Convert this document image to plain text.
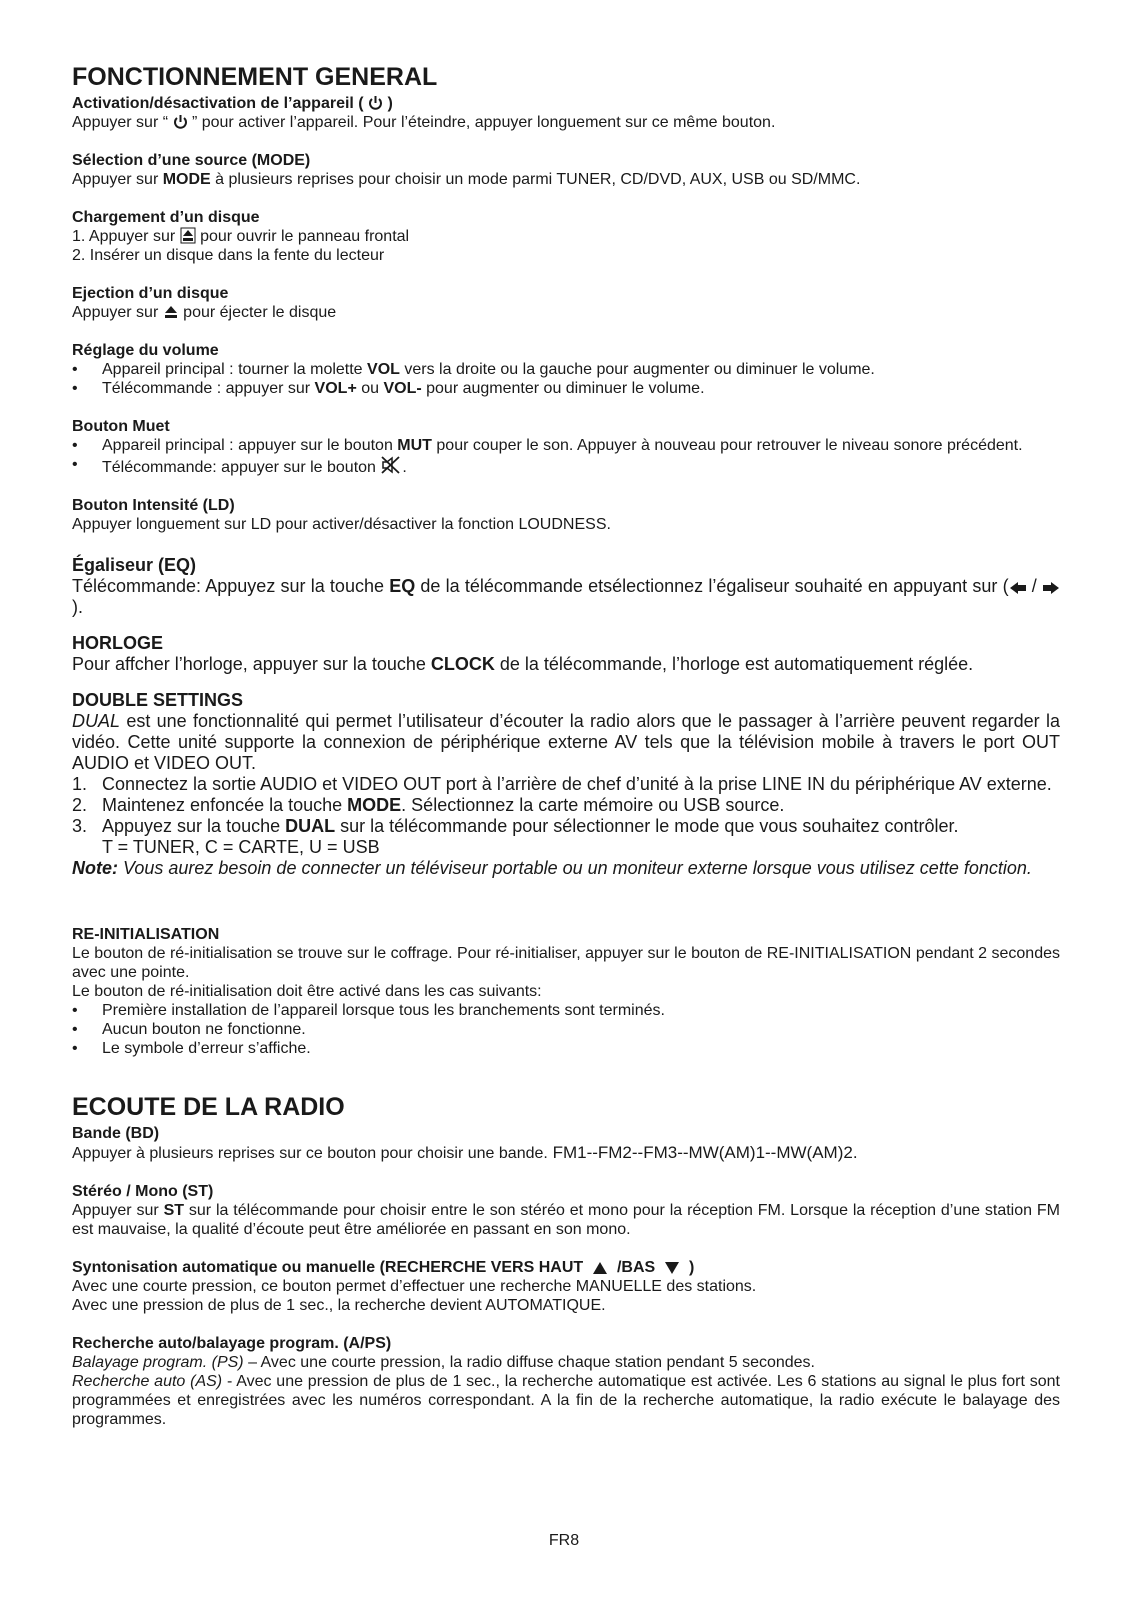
FONCTIONNEMENT GENERAL

Activation/désactivation de l’appareil ( )

Appuyer sur “ ” pour activer l’appareil. Pour l’éteindre, appuyer longuement sur ce même bouton.

Sélection d’une source (MODE)

Appuyer sur MODE à plusieurs reprises pour choisir un mode parmi TUNER, CD/DVD, AUX, USB ou SD/MMC.

Chargement d’un disque

1. Appuyer sur  pour ouvrir le panneau frontal

2. Insérer un disque dans la fente du lecteur

Ejection d’un disque

Appuyer sur  pour éjecter le disque

Réglage du volume

•	Appareil principal : tourner la molette VOL vers la droite ou la gauche pour augmenter ou diminuer le volume.

•	Télécommande : appuyer sur VOL+ ou VOL- pour augmenter ou diminuer le volume.

Bouton Muet

•	Appareil principal : appuyer sur le bouton MUT pour couper le son. Appuyer à nouveau pour retrouver le niveau sonore précédent.

•	Télécommande: appuyer sur le bouton .

Bouton Intensité (LD)

Appuyer longuement sur LD pour activer/désactiver la fonction LOUDNESS.

Égaliseur (EQ)

Télécommande: Appuyez sur la touche EQ de la télécommande etsélectionnez l’égaliseur souhaité en appuyant sur ( /  ).

HORLOGE

Pour affcher l’horloge, appuyer sur la touche CLOCK de la télécommande, l’horloge est automatiquement réglée.

DOUBLE SETTINGS

DUAL est une fonctionnalité qui permet l’utilisateur d’écouter la radio alors que le passager à l’arrière peuvent regarder la vidéo. Cette unité supporte la connexion de périphérique externe AV tels que la télévision mobile à travers le port OUT AUDIO et VIDEO OUT.

1. Connectez la sortie AUDIO et VIDEO OUT port à l’arrière de chef d’unité à la prise LINE IN du périphérique AV externe.

2. Maintenez enfoncée la touche MODE. Sélectionnez la carte mémoire ou USB source.

3. Appuyez sur la touche DUAL sur la télécommande pour sélectionner le mode que vous souhaitez contrôler.
T = TUNER, C = CARTE, U = USB

Note: Vous aurez besoin de connecter un téléviseur portable ou un moniteur externe lorsque vous utilisez cette fonction.

RE-INITIALISATION

Le bouton de ré-initialisation se trouve sur le coffrage. Pour ré-initialiser, appuyer sur le bouton de RE-INITIALISATION pendant 2 secondes avec une pointe.

Le bouton de ré-initialisation doit être activé dans les cas suivants:

•	Première installation de l’appareil lorsque tous les branchements sont terminés.

•	Aucun bouton ne fonctionne.

•	Le symbole d’erreur s’affiche.

ECOUTE DE LA RADIO

Bande (BD)

Appuyer à plusieurs reprises sur ce bouton pour choisir une bande. FM1--FM2--FM3--MW(AM)1--MW(AM)2.

Stéréo / Mono (ST)

Appuyer sur ST sur la télécommande pour choisir entre le son stéréo et mono pour la réception FM. Lorsque la réception d’une station FM est mauvaise, la qualité d’écoute peut être améliorée en passant en son mono.

Syntonisation automatique ou manuelle (RECHERCHE VERS HAUT /BAS )

Avec une courte pression, ce bouton permet d’effectuer une recherche MANUELLE des stations.

Avec une pression de plus de 1 sec., la recherche devient AUTOMATIQUE.

Recherche auto/balayage program. (A/PS)

Balayage program. (PS) – Avec une courte pression, la radio diffuse chaque station pendant 5 secondes.

Recherche auto (AS) - Avec une pression de plus de 1 sec., la recherche automatique est activée. Les 6 stations au signal le plus fort sont programmées et enregistrées avec les numéros correspondant. A la fin de la recherche automatique, la radio exécute le balayage des programmes.

FR8
